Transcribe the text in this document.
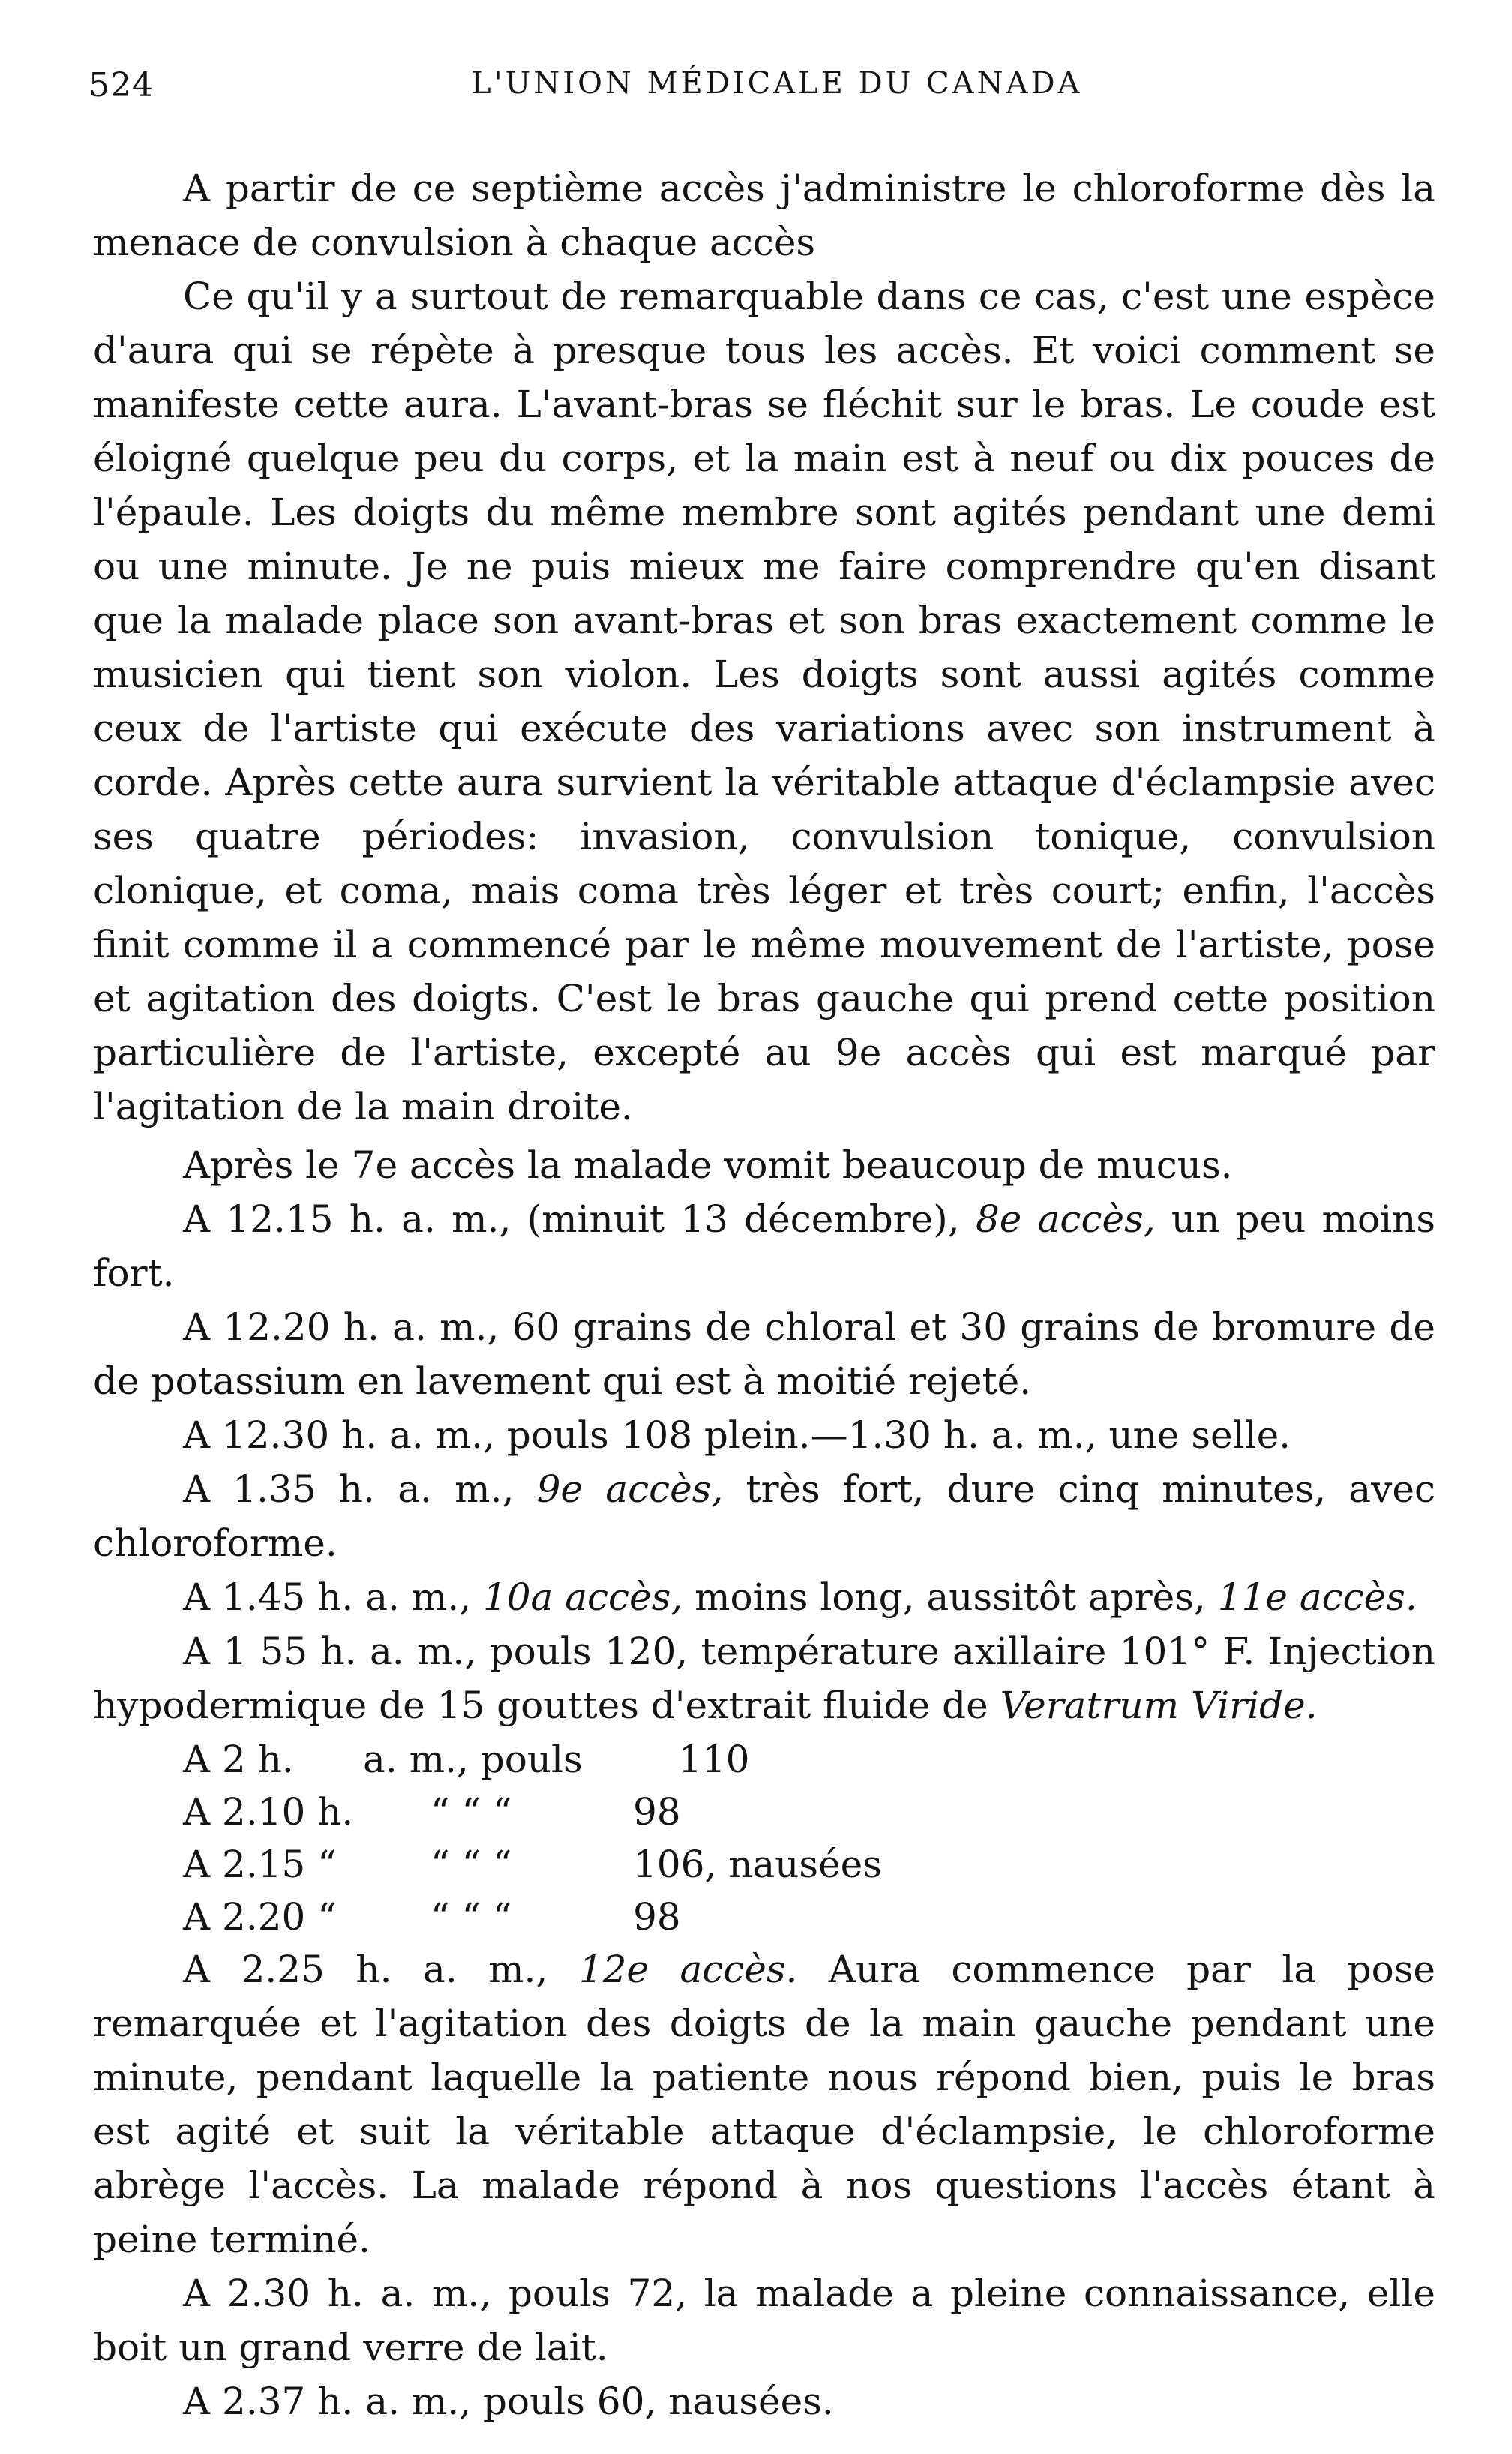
524	L'UNION MÉDICALE DU CANADA

A partir de ce septième accès j'administre le chloroforme dès la menace de convulsion à chaque accès

Ce qu'il y a surtout de remarquable dans ce cas, c'est une espèce d'aura qui se répète à presque tous les accès. Et voici comment se manifeste cette aura. L'avant-bras se fléchit sur le bras. Le coude est éloigné quelque peu du corps, et la main est à neuf ou dix pouces de l'épaule. Les doigts du même membre sont agités pendant une demi ou une minute. Je ne puis mieux me faire comprendre qu'en disant que la malade place son avant-bras et son bras exactement comme le musicien qui tient son violon. Les doigts sont aussi agités comme ceux de l'artiste qui exécute des variations avec son instrument à corde. Après cette aura survient la véritable attaque d'éclampsie avec ses quatre périodes: invasion, convulsion tonique, convulsion clonique, et coma, mais coma très léger et très court; enfin, l'accès finit comme il a commencé par le même mouvement de l'artiste, pose et agitation des doigts. C'est le bras gauche qui prend cette position particulière de l'artiste, excepté au 9e accès qui est marqué par l'agitation de la main droite.

Après le 7e accès la malade vomit beaucoup de mucus.

A 12.15 h. a. m., (minuit 13 décembre), 8e accès, un peu moins fort.

A 12.20 h. a. m., 60 grains de chloral et 30 grains de bromure de de potassium en lavement qui est à moitié rejeté.

A 12.30 h. a. m., pouls 108 plein.—1.30 h. a. m., une selle.

A 1.35 h. a. m., 9e accès, très fort, dure cinq minutes, avec chloroforme.

A 1.45 h. a. m., 10a accès, moins long, aussitôt après, 11e accès.

A 1 55 h. a. m., pouls 120, température axillaire 101° F. Injection hypodermique de 15 gouttes d'extrait fluide de Veratrum Viride.

A 2 h. a. m., pouls	110
A 2.10 h. “ “ “	98
A 2.15 “	“ “ “	106, nausées
A 2.20 “	“ “ “	98

A 2.25 h. a. m., 12e accès. Aura commence par la pose remarquée et l'agitation des doigts de la main gauche pendant une minute, pendant laquelle la patiente nous répond bien, puis le bras est agité et suit la véritable attaque d'éclampsie, le chloroforme abrège l'accès. La malade répond à nos questions l'accès étant à peine terminé.

A 2.30 h. a. m., pouls 72, la malade a pleine connaissance, elle boit un grand verre de lait.

A 2.37 h. a. m., pouls 60, nausées.
